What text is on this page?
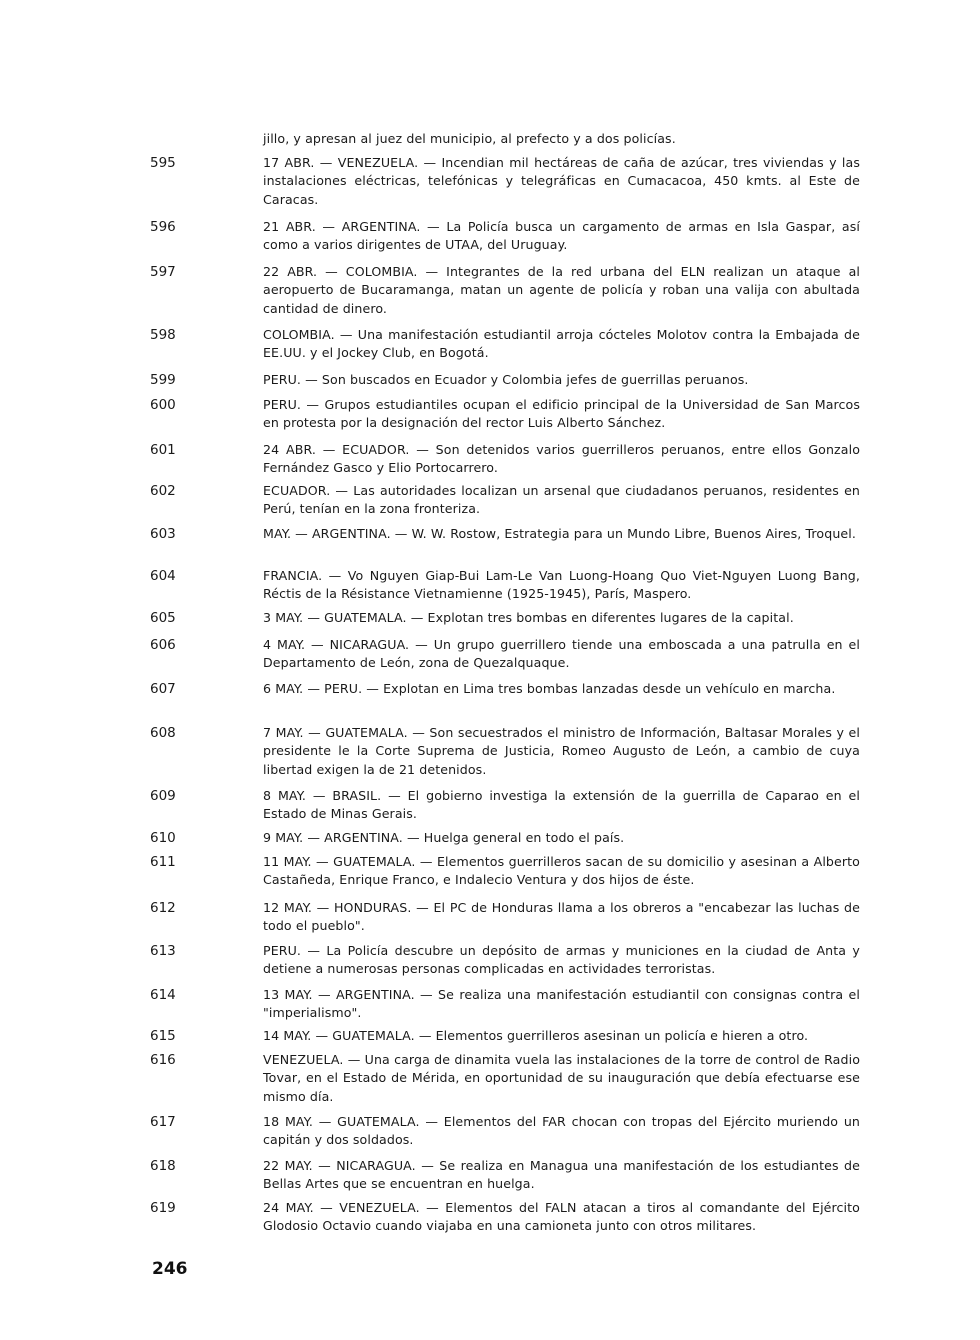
jillo, y apresan al juez del municipio, al prefecto y a dos policías.
595	17 ABR. — VENEZUELA. — Incendian mil hectáreas de caña de azúcar, tres viviendas y las instalaciones eléctricas, telefónicas y telegráficas en Cumacacoa, 450 kmts. al Este de Caracas.
596	21 ABR. — ARGENTINA. — La Policía busca un cargamento de armas en Isla Gaspar, así como a varios dirigentes de UTAA, del Uruguay.
597	22 ABR. — COLOMBIA. — Integrantes de la red urbana del ELN realizan un ataque al aeropuerto de Bucaramanga, matan un agente de policía y roban una valija con abultada cantidad de dinero.
598	COLOMBIA. — Una manifestación estudiantil arroja cócteles Molotov contra la Embajada de EE.UU. y el Jockey Club, en Bogotá.
599	PERU. — Son buscados en Ecuador y Colombia jefes de guerrillas peruanos.
600	PERU. — Grupos estudiantiles ocupan el edificio principal de la Universidad de San Marcos en protesta por la designación del rector Luis Alberto Sánchez.
601	24 ABR. — ECUADOR. — Son detenidos varios guerrilleros peruanos, entre ellos Gonzalo Fernández Gasco y Elio Portocarrero.
602	ECUADOR. — Las autoridades localizan un arsenal que ciudadanos peruanos, residentes en Perú, tenían en la zona fronteriza.
603	MAY. — ARGENTINA. — W. W. Rostow, Estrategia para un Mundo Libre, Buenos Aires, Troquel.
604	FRANCIA. — Vo Nguyen Giap-Bui Lam-Le Van Luong-Hoang Quo Viet-Nguyen Luong Bang, Réctis de la Résistance Vietnamienne (1925-1945), París, Maspero.
605	3 MAY. — GUATEMALA. — Explotan tres bombas en diferentes lugares de la capital.
606	4 MAY. — NICARAGUA. — Un grupo guerrillero tiende una emboscada a una patrulla en el Departamento de León, zona de Quezalquaque.
607	6 MAY. — PERU. — Explotan en Lima tres bombas lanzadas desde un vehículo en marcha.
608	7 MAY. — GUATEMALA. — Son secuestrados el ministro de Información, Baltasar Morales y el presidente le la Corte Suprema de Justicia, Romeo Augusto de León, a cambio de cuya libertad exigen la de 21 detenidos.
609	8 MAY. — BRASIL. — El gobierno investiga la extensión de la guerrilla de Caparao en el Estado de Minas Gerais.
610	9 MAY. — ARGENTINA. — Huelga general en todo el país.
611	11 MAY. — GUATEMALA. — Elementos guerrilleros sacan de su domicilio y asesinan a Alberto Castañeda, Enrique Franco, e Indalecio Ventura y dos hijos de éste.
612	12 MAY. — HONDURAS. — El PC de Honduras llama a los obreros a "encabezar las luchas de todo el pueblo".
613	PERU. — La Policía descubre un depósito de armas y municiones en la ciudad de Anta y detiene a numerosas personas complicadas en actividades terroristas.
614	13 MAY. — ARGENTINA. — Se realiza una manifestación estudiantil con consignas contra el "imperialismo".
615	14 MAY. — GUATEMALA. — Elementos guerrilleros asesinan un policía e hieren a otro.
616	VENEZUELA. — Una carga de dinamita vuela las instalaciones de la torre de control de Radio Tovar, en el Estado de Mérida, en oportunidad de su inauguración que debía efectuarse ese mismo día.
617	18 MAY. — GUATEMALA. — Elementos del FAR chocan con tropas del Ejército muriendo un capitán y dos soldados.
618	22 MAY. — NICARAGUA. — Se realiza en Managua una manifestación de los estudiantes de Bellas Artes que se encuentran en huelga.
619	24 MAY. — VENEZUELA. — Elementos del FALN atacan a tiros al comandante del Ejército Glodosio Octavio cuando viajaba en una camioneta junto con otros militares.
246
